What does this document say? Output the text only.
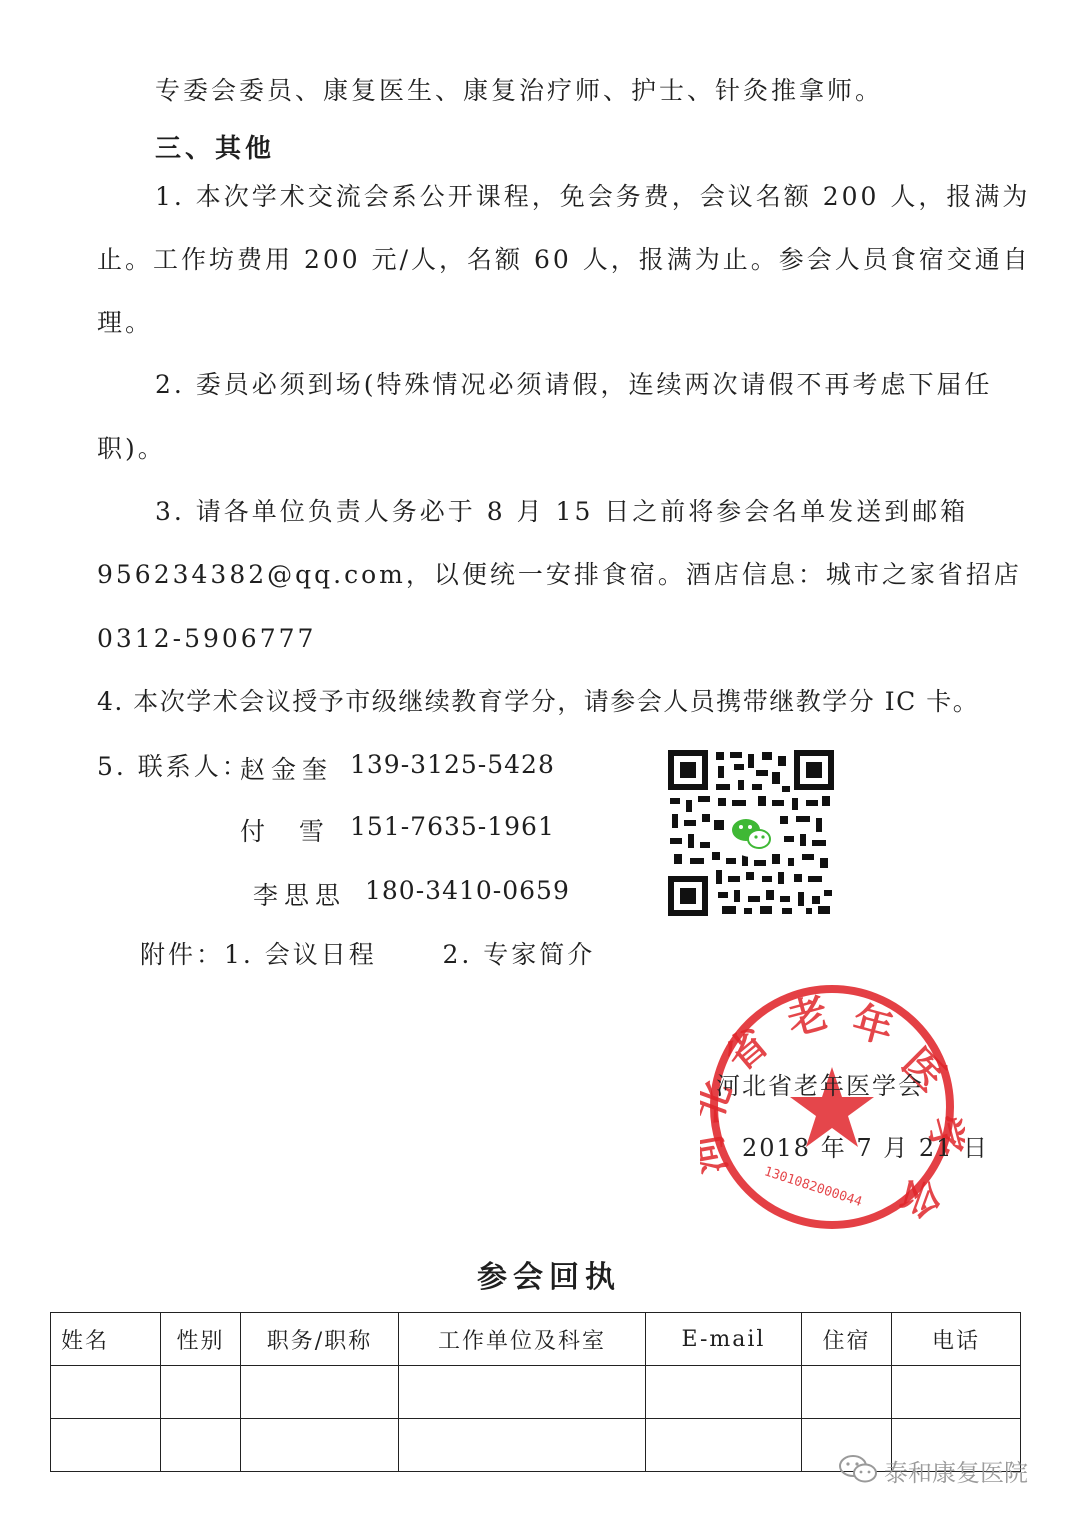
专委会委员、康复医生、康复治疗师、护士、针灸推拿师。
三、其他
1. 本次学术交流会系公开课程，免会务费，会议名额 200 人，报满为
止。工作坊费用 200 元/人，名额 60 人，报满为止。参会人员食宿交通自
理。
2. 委员必须到场(特殊情况必须请假，连续两次请假不再考虑下届任
职)。
3. 请各单位负责人务必于 8 月 15 日之前将参会名单发送到邮箱
956234382@qq.com，以便统一安排食宿。酒店信息：城市之家省招店
0312-5906777
4. 本次学术会议授予市级继续教育学分，请参会人员携带继教学分 IC 卡。
5. 联系人：
赵金奎 139-3125-5428
付  雪 151-7635-1961
李思思 180-3410-0659
附件：1. 会议日程      2. 专家简介
省
老 年
医
学
会
北
河
1301082000044
河北省老年医学会
2018 年 7 月 21 日
参会回执
姓名	性别	职务/职称	工作单位及科室	E-mail	住宿	电话

泰和康复医院
